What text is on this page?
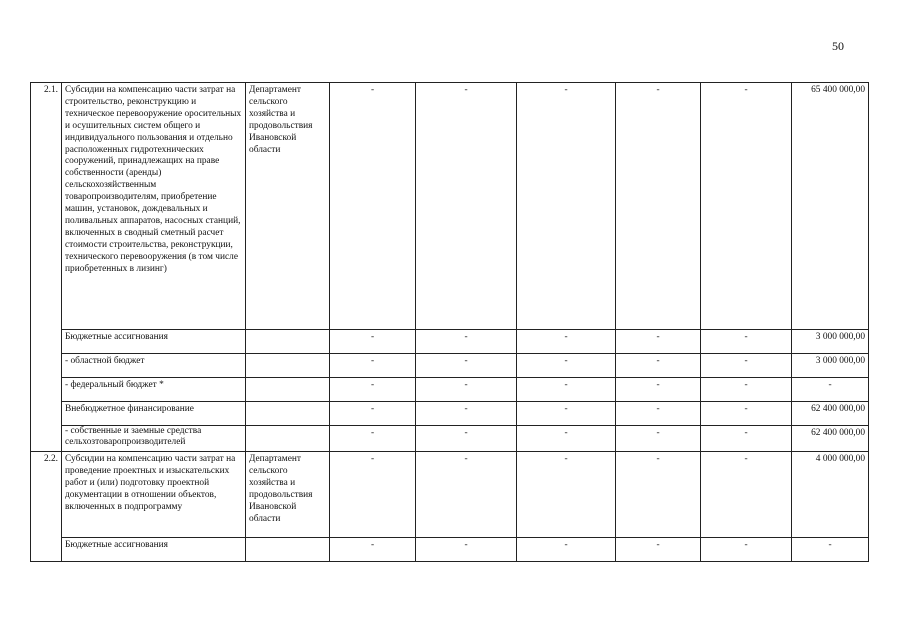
50
2.1.	Субсидии на компенсацию части затрат на строительство, реконструкцию и техническое перевооружение оросительных и осушительных систем общего и индивидуального пользования и отдельно расположенных гидротехнических сооружений, принадлежащих на праве собственности (аренды) сельскохозяйственным товаропроизводителям, приобретение машин, установок, дождевальных и поливальных аппаратов, насосных станций, включенных в сводный сметный расчет стоимости строительства, реконструкции, технического перевооружения (в том числе приобретенных в лизинг)	Департамент сельского хозяйства и продовольствия Ивановской области	-	-	-	-	-	65 400 000,00
	Бюджетные ассигнования		-	-	-	-	-	3 000 000,00
	- областной бюджет		-	-	-	-	-	3 000 000,00
	- федеральный бюджет *		-	-	-	-	-	-
	Внебюджетное финансирование		-	-	-	-	-	62 400 000,00
	- собственные и заемные средства сельхозтоваропроизводителей		-	-	-	-	-	62 400 000,00
2.2.	Субсидии на компенсацию части затрат на проведение проектных и изыскательских работ и (или) подготовку проектной документации в отношении объектов, включенных в подпрограмму	Департамент сельского хозяйства и продовольствия Ивановской области	-	-	-	-	-	4 000 000,00
	Бюджетные ассигнования		-	-	-	-	-	-
